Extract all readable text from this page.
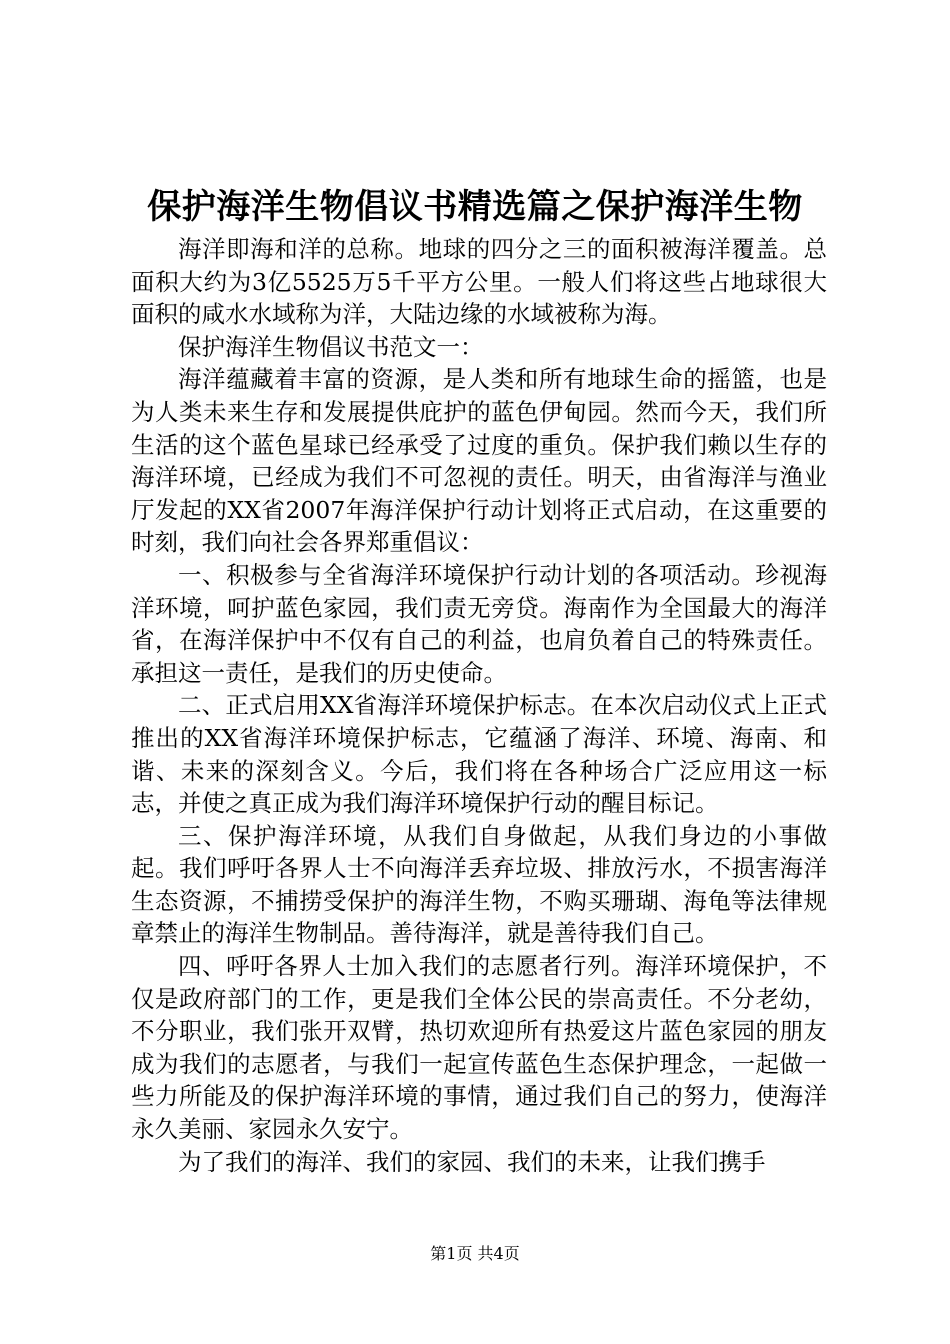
保护海洋生物倡议书精选篇之保护海洋生物

海洋即海和洋的总称。地球的四分之三的面积被海洋覆盖。总面积大约为3亿5525万5千平方公里。一般人们将这些占地球很大面积的咸水水域称为洋，大陆边缘的水域被称为海。

保护海洋生物倡议书范文一：

海洋蕴藏着丰富的资源，是人类和所有地球生命的摇篮，也是为人类未来生存和发展提供庇护的蓝色伊甸园。然而今天，我们所生活的这个蓝色星球已经承受了过度的重负。保护我们赖以生存的海洋环境，已经成为我们不可忽视的责任。明天，由省海洋与渔业厅发起的XX省2007年海洋保护行动计划将正式启动，在这重要的时刻，我们向社会各界郑重倡议：

一、积极参与全省海洋环境保护行动计划的各项活动。珍视海洋环境，呵护蓝色家园，我们责无旁贷。海南作为全国最大的海洋省，在海洋保护中不仅有自己的利益，也肩负着自己的特殊责任。承担这一责任，是我们的历史使命。

二、正式启用XX省海洋环境保护标志。在本次启动仪式上正式推出的XX省海洋环境保护标志，它蕴涵了海洋、环境、海南、和谐、未来的深刻含义。今后，我们将在各种场合广泛应用这一标志，并使之真正成为我们海洋环境保护行动的醒目标记。

三、保护海洋环境，从我们自身做起，从我们身边的小事做起。我们呼吁各界人士不向海洋丢弃垃圾、排放污水，不损害海洋生态资源，不捕捞受保护的海洋生物，不购买珊瑚、海龟等法律规章禁止的海洋生物制品。善待海洋，就是善待我们自己。

四、呼吁各界人士加入我们的志愿者行列。海洋环境保护，不仅是政府部门的工作，更是我们全体公民的崇高责任。不分老幼，不分职业，我们张开双臂，热切欢迎所有热爱这片蓝色家园的朋友成为我们的志愿者，与我们一起宣传蓝色生态保护理念，一起做一些力所能及的保护海洋环境的事情，通过我们自己的努力，使海洋永久美丽、家园永久安宁。

为了我们的海洋、我们的家园、我们的未来，让我们携手

第1页 共4页
